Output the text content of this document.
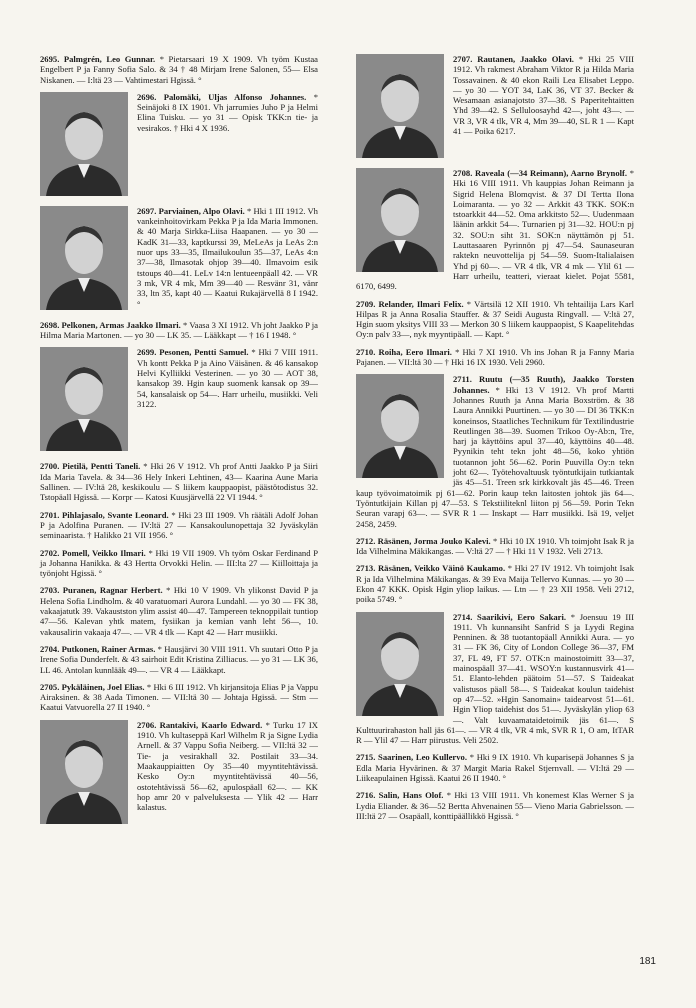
2695. Palmgrén, Leo Gunnar. * Pietarsaari 19 X 1909. Vh työm Kustaa Engelbert P ja Fanny Sofia Salo. & 34 † 48 Mirjam Irene Salonen, 55— Elsa Niskanen. — I:ltä 23 — Vahtimestari Hgissä. °

2696. Palomäki, Uljas Alfonso Johannes. * Seinäjoki 8 IX 1901. Vh jarrumies Juho P ja Helmi Elina Tuisku. — yo 31 — Opisk TKK:n tie- ja vesirakos. † Hki 4 X 1936.

2697. Parviainen, Alpo Olavi. * Hki 1 III 1912. Vh vankeinhoitovirkam Pekka P ja Ida Maria Immonen. & 40 Marja Sirkka-Liisa Haapanen. — yo 30 — KadK 31—33, kaptkurssi 39, MeLeAs ja LeAs 2:n nuor ups 33—35, Ilmailukoulun 35—37, LeAs 4:n 37—38, Ilmasotak ohjop 39—40. Ilmavoim esik tstoups 40—41. LeLv 14:n lentueenpäall 42. — VR 3 mk, VR 4 mk, Mm 39—40 — Resvänr 31, vänr 33, ltn 35, kapt 40 — Kaatui Rukajärvellä 8 I 1942. °

2698. Pelkonen, Armas Jaakko Ilmari. * Vaasa 3 XI 1912. Vh joht Jaakko P ja Hilma Maria Martonen. — yo 30 — LK 35. — Lääkkapt — † 16 I 1948. °

2699. Pesonen, Pentti Samuel. * Hki 7 VIII 1911. Vh kontt Pekka P ja Aino Väisänen. & 46 kansakop Helvi Kylliikki Vesterinen. — yo 30 — AOT 38, kansakop 39. Hgin kaup suomenk kansak op 39—54, kansalaisk op 54—. Harr urheilu, musiikki. Veli 3122.

2700. Pietilä, Pentti Taneli. * Hki 26 V 1912. Vh prof Antti Jaakko P ja Siiri Ida Maria Tavela. & 34—36 Hely Inkeri Lehtinen, 43— Kaarina Aune Maria Sallinen. — IV:ltä 28, keskikoulu — S liikem kauppaopist, päästötodistus 32. Tstopäall Hgissä. — Korpr — Katosi Kuusjärvellä 22 VI 1944. °

2701. Pihlajasalo, Svante Leonard. * Hki 23 III 1909. Vh räätäli Adolf Johan P ja Adolfina Puranen. — IV:ltä 27 — Kansakoulunopettaja 32 Jyväskylän seminaarista. † Halikko 21 VII 1956. °

2702. Pomell, Veikko Ilmari. * Hki 19 VII 1909. Vh työm Oskar Ferdinand P ja Johanna Hanikka. & 43 Hertta Orvokki Helin. — III:lta 27 — Kiilloittaja ja työnjoht Hgissä. °

2703. Puranen, Ragnar Herbert. * Hki 10 V 1909. Vh ylikonst David P ja Helena Sofia Lindholm. & 40 varatuomari Aurora Lundahl. — yo 30 — FK 38, vakaajatutk 39. Vakaustston ylim assist 40—47. Tampereen teknoppilait tuntiop 47—56. Kalevan yhtk matem, fysiikan ja kemian vanh leht 56—, 10. vakausalirin vakaaja 47—. — VR 4 tlk — Kapt 42 — Harr musiikki.

2704. Putkonen, Rainer Armas. * Hausjärvi 30 VIII 1911. Vh suutari Otto P ja Irene Sofia Dunderfelt. & 43 sairhoit Edit Kristina Zilliacus. — yo 31 — LK 36, LL 46. Antolan kunnlääk 49—. — VR 4 — Lääkkapt.

2705. Pykäläinen, Joel Elias. * Hki 6 III 1912. Vh kirjansitoja Elias P ja Vappu Airaksinen. & 38 Aada Timonen. — VII:ltä 30 — Johtaja Hgissä. — Stm — Kaatui Vatvuorella 27 II 1940. °

2706. Rantakivi, Kaarlo Edward. * Turku 17 IX 1910. Vh kultaseppä Karl Wilhelm R ja Signe Lydia Arnell. & 37 Vappu Sofia Neiberg. — VII:ltä 32 — Tie- ja vesirakhall 32. Postilait 33—34. Maakauppiaitten Oy 35—40 myyntitehtävissä. Kesko Oy:n myyntitehtävissä 40—56, ostotehtävissä 56—62, apulospäall 62—. — KK hop amr 20 v palveluksesta — Ylik 42 — Harr kalastus.

2707. Rautanen, Jaakko Olavi. * Hki 25 VIII 1912. Vh rakmest Abraham Viktor R ja Hilda Maria Tossavainen. & 40 ekon Raili Lea Elisabet Leppo. — yo 30 — YOT 34, LaK 36, VT 37. Becker & Wesamaan asianajotsto 37—38. S Paperitehtaitten Yhd 39—42. S Selluloosayhd 42—, joht 43—. — VR 3, VR 4 tlk, VR 4, Mm 39—40, SL R 1 — Kapt 41 — Poika 6217.

2708. Raveala (—34 Reimann), Aarno Brynolf. * Hki 16 VIII 1911. Vh kauppias Johan Reimann ja Sigrid Helena Blomqvist. & 37 DI Tertta Ilona Loimaranta. — yo 32 — Arkkit 43 TKK. SOK:n tstoarkkit 44—52. Oma arkkitsto 52—. Uudenmaan läänin arkkit 54—. Turnarien pj 31—32. HOU:n pj 32. SOU:n siht 31. SOK:n näyttämön pj 51. Lauttasaaren Pyrinnön pj 47—54. Saunaseuran raktekn neuvottelija pj 54—59. Suom-Italialaisen Yhd pj 60—. — VR 4 tlk, VR 4 mk — Ylil 61 — Harr urheilu, teatteri, vieraat kielet. Pojat 5581, 6170, 6499.

2709. Relander, Ilmari Felix. * Värtsilä 12 XII 1910. Vh tehtailija Lars Karl Hilpas R ja Anna Rosalia Stauffer. & 37 Seidi Augusta Ringvall. — V:ltä 27, Hgin suom yksitys VIII 33 — Merkon 30 S liikem kauppaopist, S Kaapelitehdas Oy:n palv 33—, nyk myyntipäall. — Kapt. °

2710. Roiha, Eero Ilmari. * Hki 7 XI 1910. Vh ins Johan R ja Fanny Maria Pajanen. — VII:ltä 30 — † Hki 16 IX 1930. Veli 2960.

2711. Ruutu (—35 Ruuth), Jaakko Torsten Johannes. * Hki 13 V 1912. Vh prof Martti Johannes Ruuth ja Anna Maria Boxström. & 38 Laura Annikki Puurtinen. — yo 30 — DI 36 TKK:n koneinsos, Staatliches Technikum für Textilindustrie Reutlingen 38—39. Suomen Trikoo Oy-Ab:n, Tre, harj ja käyttöins apul 37—40, käyttöins 40—48. Pyynikin teht tekn joht 48—56, koko yhtiön tuotannon joht 56—62. Porin Puuvilla Oy:n tekn joht 62—. Työtehovaltuusk työntutkijain tutkiantak jäs 45—51. Treen srk kirkkovalt jäs 45—46. Treen kaup työvoimatoimik pj 61—62. Porin kaup tekn laitosten johtok jäs 64—. Työntutkijain Killan pj 47—53. S Tekstiiliteknl liiton pj 56—59. Porin Tekn Seuran varapj 63—. — SVR R 1 — Inskapt — Harr musiikki. Isä 19, veljet 2458, 2459.

2712. Räsänen, Jorma Jouko Kalevi. * Hki 10 IX 1910. Vh toimjoht Isak R ja Ida Vilhelmina Mäkikangas. — V:ltä 27 — † Hki 11 V 1932. Veli 2713.

2713. Räsänen, Veikko Väinö Kaukamo. * Hki 27 IV 1912. Vh toimjoht Isak R ja Ida Vilhelmina Mäkikangas. & 39 Eva Maija Tellervo Kunnas. — yo 30 — Ekon 47 KKK. Opisk Hgin yliop laikus. — Ltn — † 23 XII 1958. Veli 2712, poika 5749. °

2714. Saarikivi, Eero Sakari. * Joensuu 19 III 1911. Vh kunnansiht Sanfrid S ja Lyydi Regina Penninen. & 38 tuotantopäall Annikki Aura. — yo 31 — FK 36, City of London College 36—37, FM 37, FL 49, FT 57. OTK:n mainostoimitt 33—37, mainospäall 37—41. WSOY:n kustannusvirk 41—51. Elanto-lehden päätoim 51—57. S Taideakat valistusos päall 58—. S Taideakat koulun taidehist op 47—52. »Hgin Sanomain» taidearvost 51—61. Hgin Yliop taidehist dos 51—. Jyväskylän yliop 63—. Valt kuvaamataidetoimik jäs 61—. S Kulttuurirahaston hall jäs 61—. — VR 4 tlk, VR 4 mk, SVR R 1, O am, ItTAR R — Ylil 47 — Harr piirustus. Veli 2502.

2715. Saarinen, Leo Kullervo. * Hki 9 IX 1910. Vh kuparisepä Johannes S ja Edla Maria Hyvärinen. & 37 Margit Maria Rakel Stjernvall. — VI:ltä 29 — Liikeapulainen Hgissä. Kaatui 26 II 1940. °

2716. Salin, Hans Olof. * Hki 13 VIII 1911. Vh konemest Klas Werner S ja Lydia Eliander. & 36—52 Bertta Ahvenainen 55— Vieno Maria Gabrielsson. — III:ltä 27 — Osapäall, konttipäällikkö Hgissä. °

181
